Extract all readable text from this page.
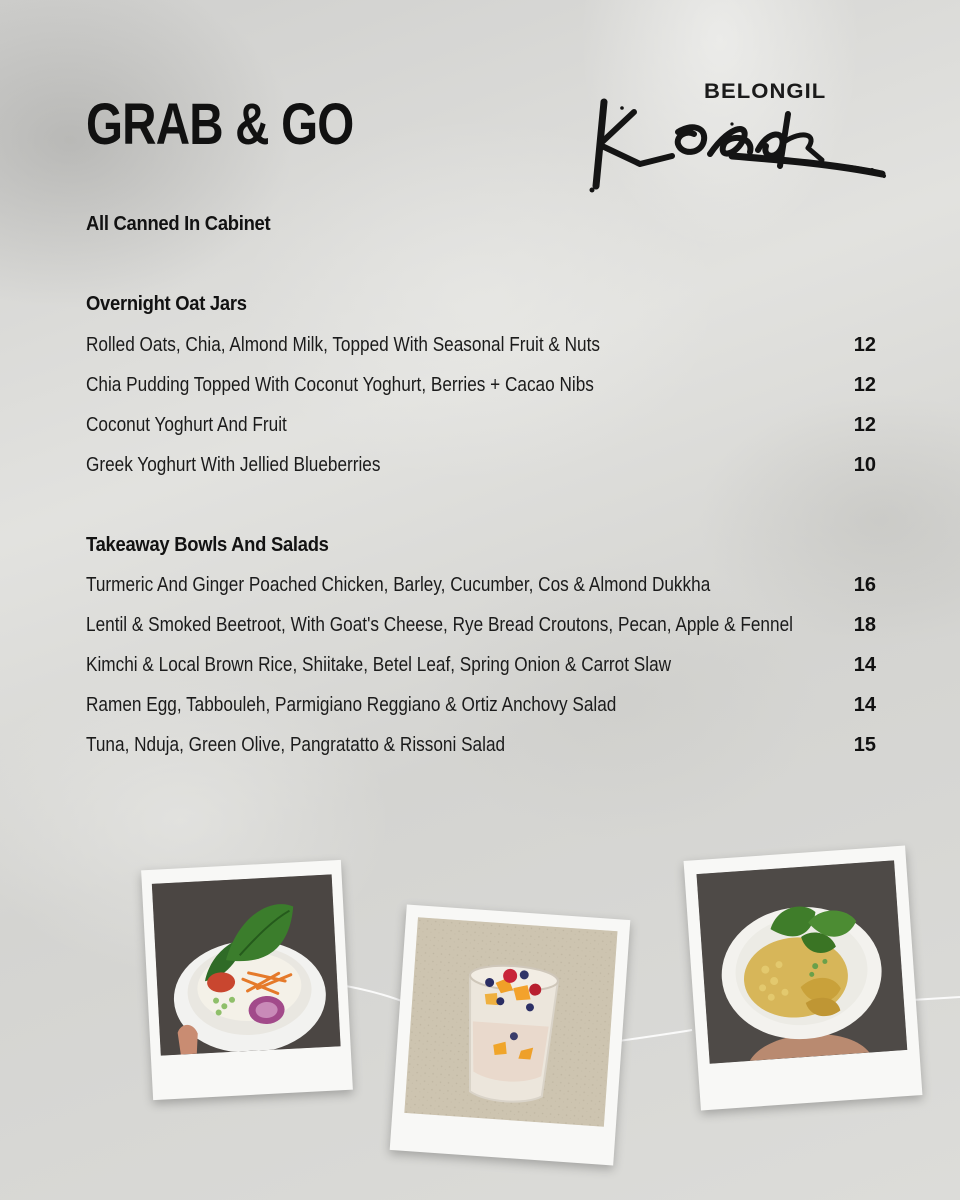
GRAB & GO
BELONGIL
All Canned In Cabinet
Overnight Oat Jars
Rolled Oats, Chia, Almond Milk, Topped With Seasonal Fruit & Nuts	12
Chia Pudding Topped With Coconut Yoghurt, Berries + Cacao Nibs	12
Coconut Yoghurt And Fruit	12
Greek Yoghurt With Jellied Blueberries	10
Takeaway Bowls And Salads
Turmeric And Ginger Poached Chicken, Barley, Cucumber, Cos & Almond Dukkha	16
Lentil & Smoked Beetroot, With Goat's Cheese, Rye Bread Croutons, Pecan, Apple & Fennel	18
Kimchi & Local Brown Rice, Shiitake, Betel Leaf, Spring Onion & Carrot Slaw	14
Ramen Egg, Tabbouleh, Parmigiano Reggiano & Ortiz Anchovy Salad	14
Tuna, Nduja, Green Olive, Pangratatto & Rissoni Salad	15
